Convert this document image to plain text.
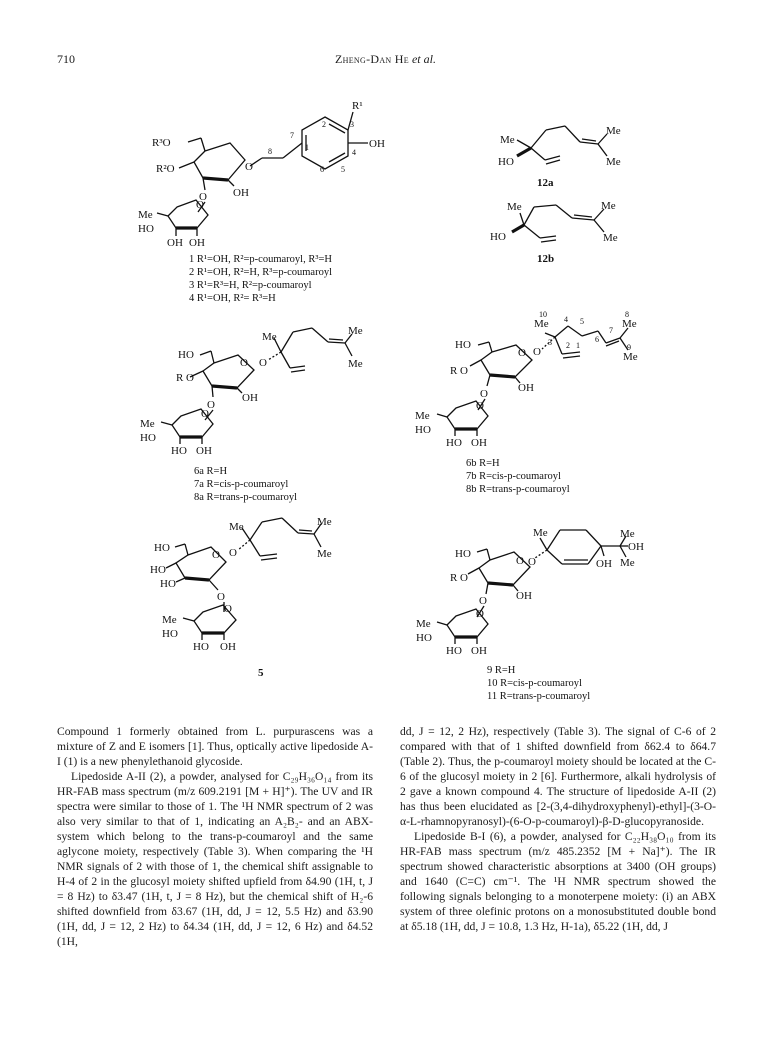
710	Zheng-Dan He et al.
R¹
OH
O
2	3
4
5
6
1
8
7
R³O
R²O
OH
O
Me
HO
OH OH
O
1 R¹=OH, R²=p-coumaroyl, R³=H
2 R¹=OH, R²=H, R³=p-coumaroyl
3 R¹=R³=H, R²=p-coumaroyl
4 R¹=OH, R²= R³=H
Me
HO
Me
Me
12a
Me
HO
Me
Me
12b
Me	Me
Me
O
HO
R O
OH
O
O
Me
HO
HO OH
O
6a R=H
7a R=cis-p-coumaroyl
8a R=trans-p-coumaroyl
Me	Me
Me
10
4 5
6
7
8
9
3 2 1
O
HO
R O
OH
O
O
Me
HO
HO OH
O
6b R=H
7b R=cis-p-coumaroyl
8b R=trans-p-coumaroyl
Me	Me
Me
O
HO
HO
HO
O
O
Me
HO
HO OH
O
5
Me	Me
OH
Me
OH
O
HO
R O
OH
O
O
Me
HO
HO OH
O
9 R=H
10 R=cis-p-coumaroyl
11 R=trans-p-coumaroyl

Compound 1 formerly obtained from L. purpurascens was a mixture of Z and E isomers [1]. Thus, optically active lipedoside A-I (1) is a new phenylethanoid glycoside.

Lipedoside A-II (2), a powder, analysed for C₂₉H₃₆O₁₄ from its HR-FAB mass spectrum (m/z 609.2191 [M + H]⁺). The UV and IR spectra were similar to those of 1. The ¹H NMR spectrum of 2 was also very similar to that of 1, indicating an A₂B₂- and an ABX-system which belong to the trans-p-coumaroyl and the same aglycone moiety, respectively (Table 3). When comparing the ¹H NMR signals of 2 with those of 1, the chemical shift assignable to H-4 of 2 in the glucosyl moiety shifted upfield from δ4.90 (1H, t, J = 8 Hz) to δ3.47 (1H, t, J = 8 Hz), but the chemical shift of H₂-6 shifted downfield from δ3.67 (1H, dd, J = 12, 5.5 Hz) and δ3.90 (1H, dd, J = 12, 2 Hz) to δ4.34 (1H, dd, J = 12, 6 Hz) and δ4.52 (1H,

dd, J = 12, 2 Hz), respectively (Table 3). The signal of C-6 of 2 compared with that of 1 shifted downfield from δ62.4 to δ64.7 (Table 2). Thus, the p-coumaroyl moiety should be located at the C-6 of the glucosyl moiety in 2 [6]. Furthermore, alkali hydrolysis of 2 gave a known compound 4. The structure of lipedoside A-II (2) has thus been elucidated as [2-(3,4-dihydroxyphenyl)-ethyl]-(3-O-α-L-rhamnopyranosyl)-(6-O-p-coumaroyl)-β-D-glucopyranoside.

Lipedoside B-I (6), a powder, analysed for C₂₂H₃₈O₁₀ from its HR-FAB mass spectrum (m/z 485.2352 [M + Na]⁺). The IR spectrum showed characteristic absorptions at 3400 (OH groups) and 1640 (C=C) cm⁻¹. The ¹H NMR spectrum showed the following signals belonging to a monoterpene moiety: (i) an ABX system of three olefinic protons on a monosubstituted double bond at δ5.18 (1H, dd, J = 10.8, 1.3 Hz, H-1a), δ5.22 (1H, dd, J
